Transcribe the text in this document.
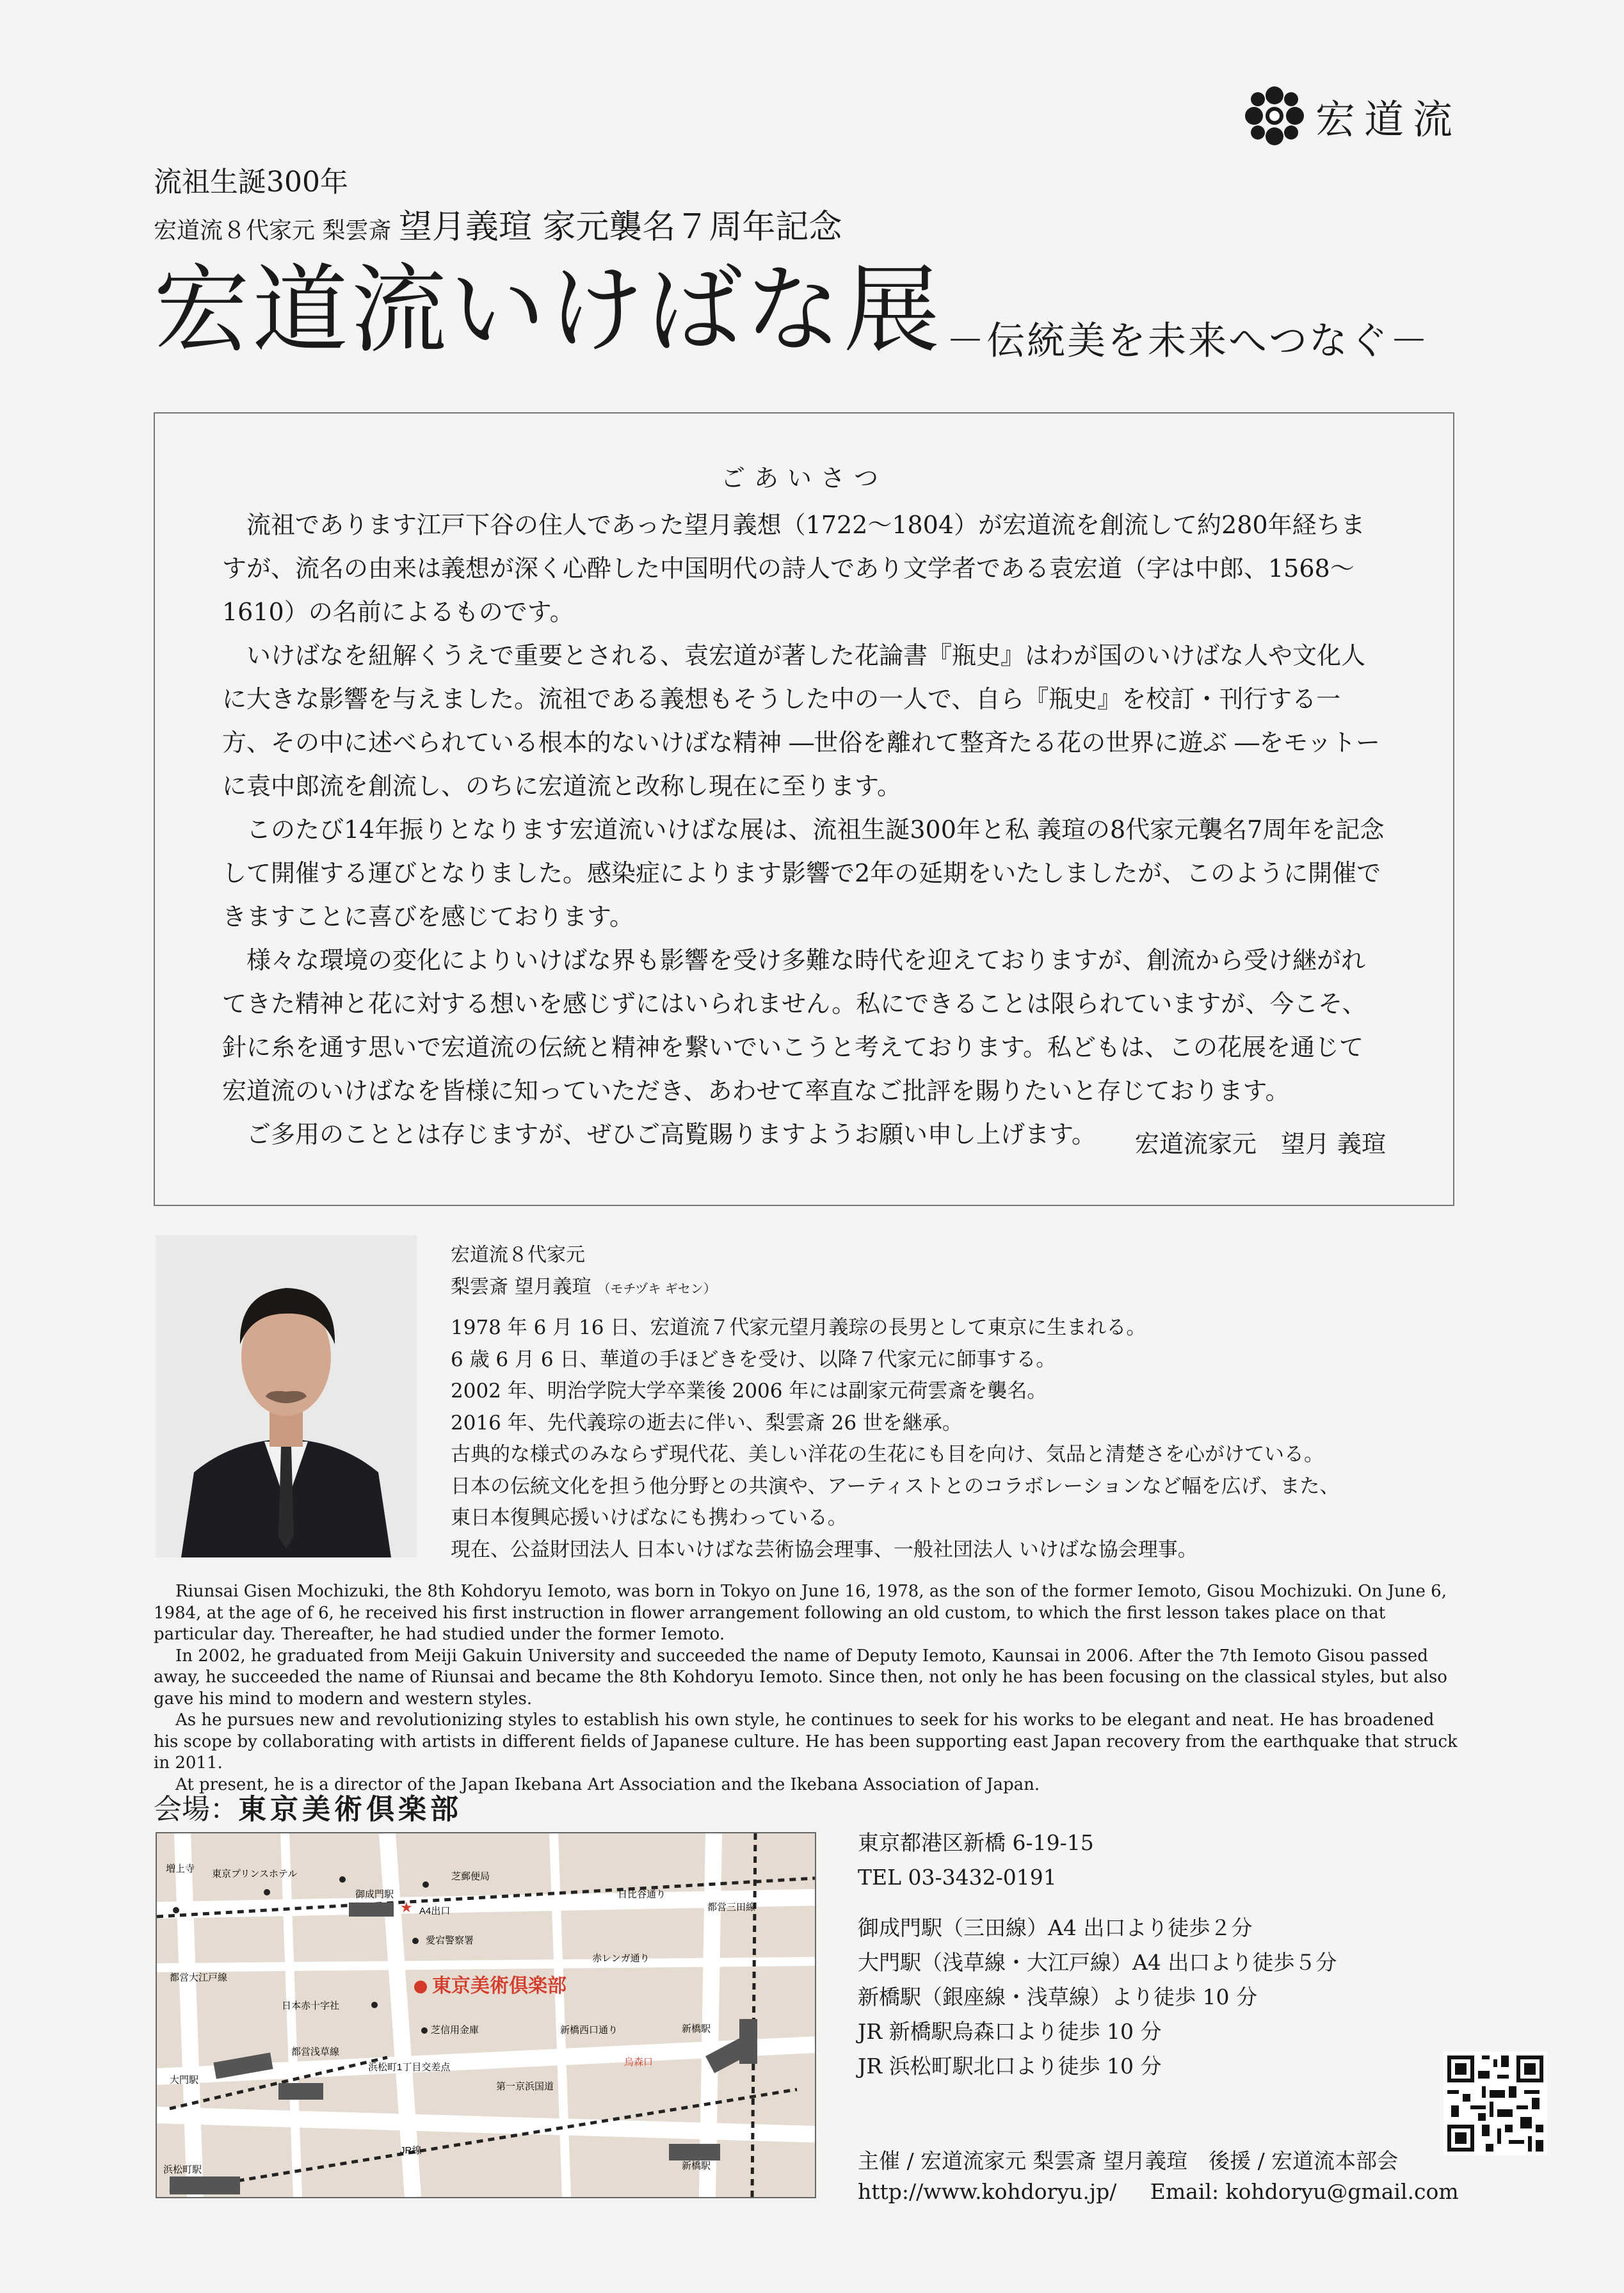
宏道流
流祖生誕300年
宏道流８代家元 梨雲斎 望月義瑄 家元襲名７周年記念
宏道流いけばな展 －伝統美を未来へつなぐ－
ごあいさつ

流祖であります江戸下谷の住人であった望月義想（1722～1804）が宏道流を創流して約280年経ちますが、流名の由来は義想が深く心酔した中国明代の詩人であり文学者である袁宏道（字は中郎、1568～1610）の名前によるものです。

いけばなを紐解くうえで重要とされる、袁宏道が著した花論書『瓶史』はわが国のいけばな人や文化人に大きな影響を与えました。流祖である義想もそうした中の一人で、自ら『瓶史』を校訂・刊行する一方、その中に述べられている根本的ないけばな精神 ―世俗を離れて整斉たる花の世界に遊ぶ ―をモットーに袁中郎流を創流し、のちに宏道流と改称し現在に至ります。

このたび14年振りとなります宏道流いけばな展は、流祖生誕300年と私 義瑄の8代家元襲名7周年を記念して開催する運びとなりました。感染症によります影響で2年の延期をいたしましたが、このように開催できますことに喜びを感じております。

様々な環境の変化によりいけばな界も影響を受け多難な時代を迎えておりますが、創流から受け継がれてきた精神と花に対する想いを感じずにはいられません。私にできることは限られていますが、今こそ、針に糸を通す思いで宏道流の伝統と精神を繋いでいこうと考えております。私どもは、この花展を通じて宏道流のいけばなを皆様に知っていただき、あわせて率直なご批評を賜りたいと存じております。

ご多用のこととは存じますが、ぜひご高覧賜りますようお願い申し上げます。	宏道流家元　望月 義瑄
宏道流８代家元
梨雲斎 望月義瑄 （モチヅキ ギセン）
1978 年 6 月 16 日、宏道流７代家元望月義琮の長男として東京に生まれる。
6 歳 6 月 6 日、華道の手ほどきを受け、以降７代家元に師事する。
2002 年、明治学院大学卒業後 2006 年には副家元荷雲斎を襲名。
2016 年、先代義琮の逝去に伴い、梨雲斎 26 世を継承。
古典的な様式のみならず現代花、美しい洋花の生花にも目を向け、気品と清楚さを心がけている。
日本の伝統文化を担う他分野との共演や、アーティストとのコラボレーションなど幅を広げ、また、
東日本復興応援いけばなにも携わっている。
現在、公益財団法人 日本いけばな芸術協会理事、一般社団法人 いけばな協会理事。

Riunsai Gisen Mochizuki, the 8th Kohdoryu Iemoto, was born in Tokyo on June 16, 1978, as the son of the former Iemoto, Gisou Mochizuki. On June 6, 1984, at the age of 6, he received his first instruction in flower arrangement following an old custom, to which the first lesson takes place on that particular day. Thereafter, he had studied under the former Iemoto.

In 2002, he graduated from Meiji Gakuin University and succeeded the name of Deputy Iemoto, Kaunsai in 2006. After the 7th Iemoto Gisou passed away, he succeeded the name of Riunsai and became the 8th Kohdoryu Iemoto. Since then, not only he has been focusing on the classical styles, but also gave his mind to modern and western styles.

As he pursues new and revolutionizing styles to establish his own style, he continues to seek for his works to be elegant and neat. He has broadened his scope by collaborating with artists in different fields of Japanese culture. He has been supporting east Japan recovery from the earthquake that struck in 2011.

At present, he is a director of the Japan Ikebana Art Association and the Ikebana Association of Japan.

会場：東京美術倶楽部
★
増上寺 東京プリンスホテル
御成門駅
芝郵便局
日比谷通り
都営三田線
A4出口
愛宕警察署
赤レンガ通り
東京美術倶楽部
日本赤十字社
芝信用金庫	新橋西口通り	新橋駅
都営浅草線
都営大江戸線
浜松町1丁目交差点	烏森口
大門駅
第一京浜国道
浜松町駅
JR線
新橋駅
東京都港区新橋 6-19-15
TEL 03-3432-0191
御成門駅（三田線）A4 出口より徒歩２分
大門駅（浅草線・大江戸線）A4 出口より徒歩５分
新橋駅（銀座線・浅草線）より徒歩 10 分
JR 新橋駅烏森口より徒歩 10 分
JR 浜松町駅北口より徒歩 10 分
主催 / 宏道流家元 梨雲斎 望月義瑄　後援 / 宏道流本部会
http://www.kohdoryu.jp/ Email: kohdoryu@gmail.com
